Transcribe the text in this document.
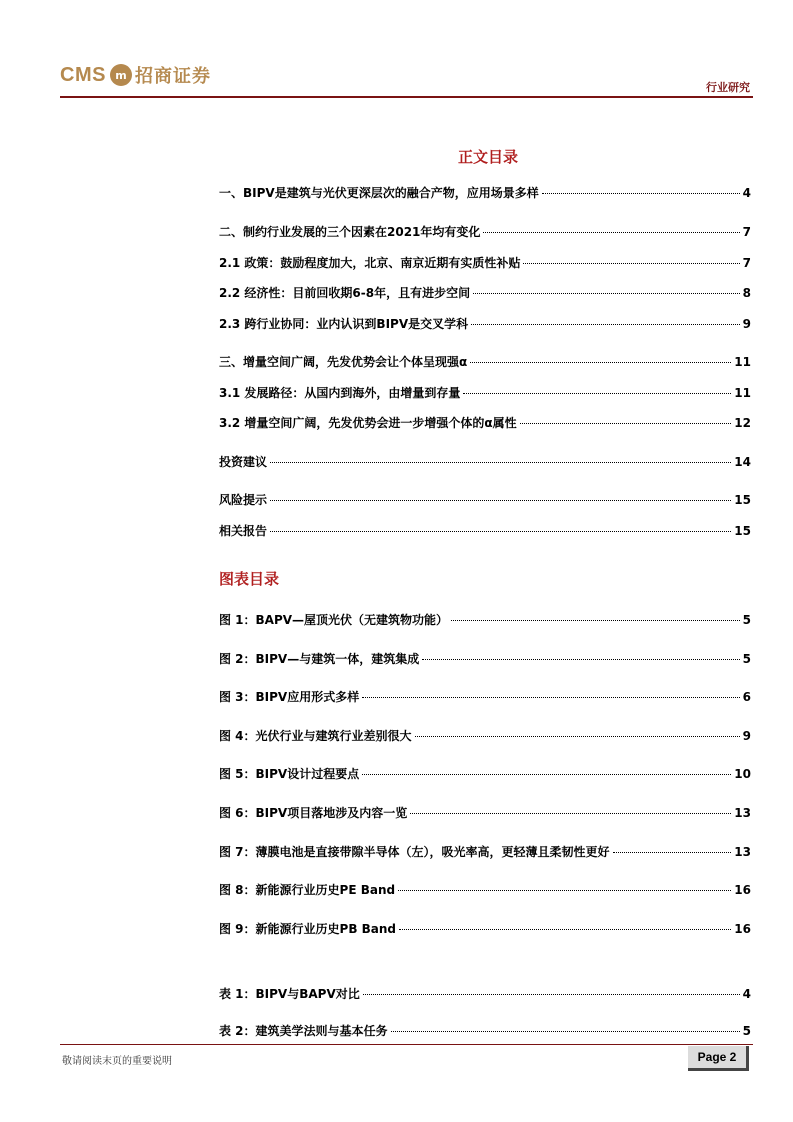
CMS m 招商证券
行业研究
正文目录
一、BIPV是建筑与光伏更深层次的融合产物，应用场景多样	4
二、制约行业发展的三个因素在2021年均有变化	7
2.1 政策：鼓励程度加大，北京、南京近期有实质性补贴	7
2.2 经济性：目前回收期6-8年，且有进步空间	8
2.3 跨行业协同：业内认识到BIPV是交叉学科	9
三、增量空间广阔，先发优势会让个体呈现强α	11
3.1 发展路径：从国内到海外，由增量到存量	11
3.2 增量空间广阔，先发优势会进一步增强个体的α属性	12
投资建议	14
风险提示	15
相关报告	15
图表目录
图 1：BAPV—屋顶光伏（无建筑物功能）	5
图 2：BIPV—与建筑一体，建筑集成	5
图 3：BIPV应用形式多样	6
图 4：光伏行业与建筑行业差别很大	9
图 5：BIPV设计过程要点	10
图 6：BIPV项目落地涉及内容一览	13
图 7：薄膜电池是直接带隙半导体（左），吸光率高，更轻薄且柔韧性更好	13
图 8：新能源行业历史PE Band	16
图 9：新能源行业历史PB Band	16
表 1：BIPV与BAPV对比	4
表 2：建筑美学法则与基本任务	5
敬请阅读末页的重要说明	Page 2
